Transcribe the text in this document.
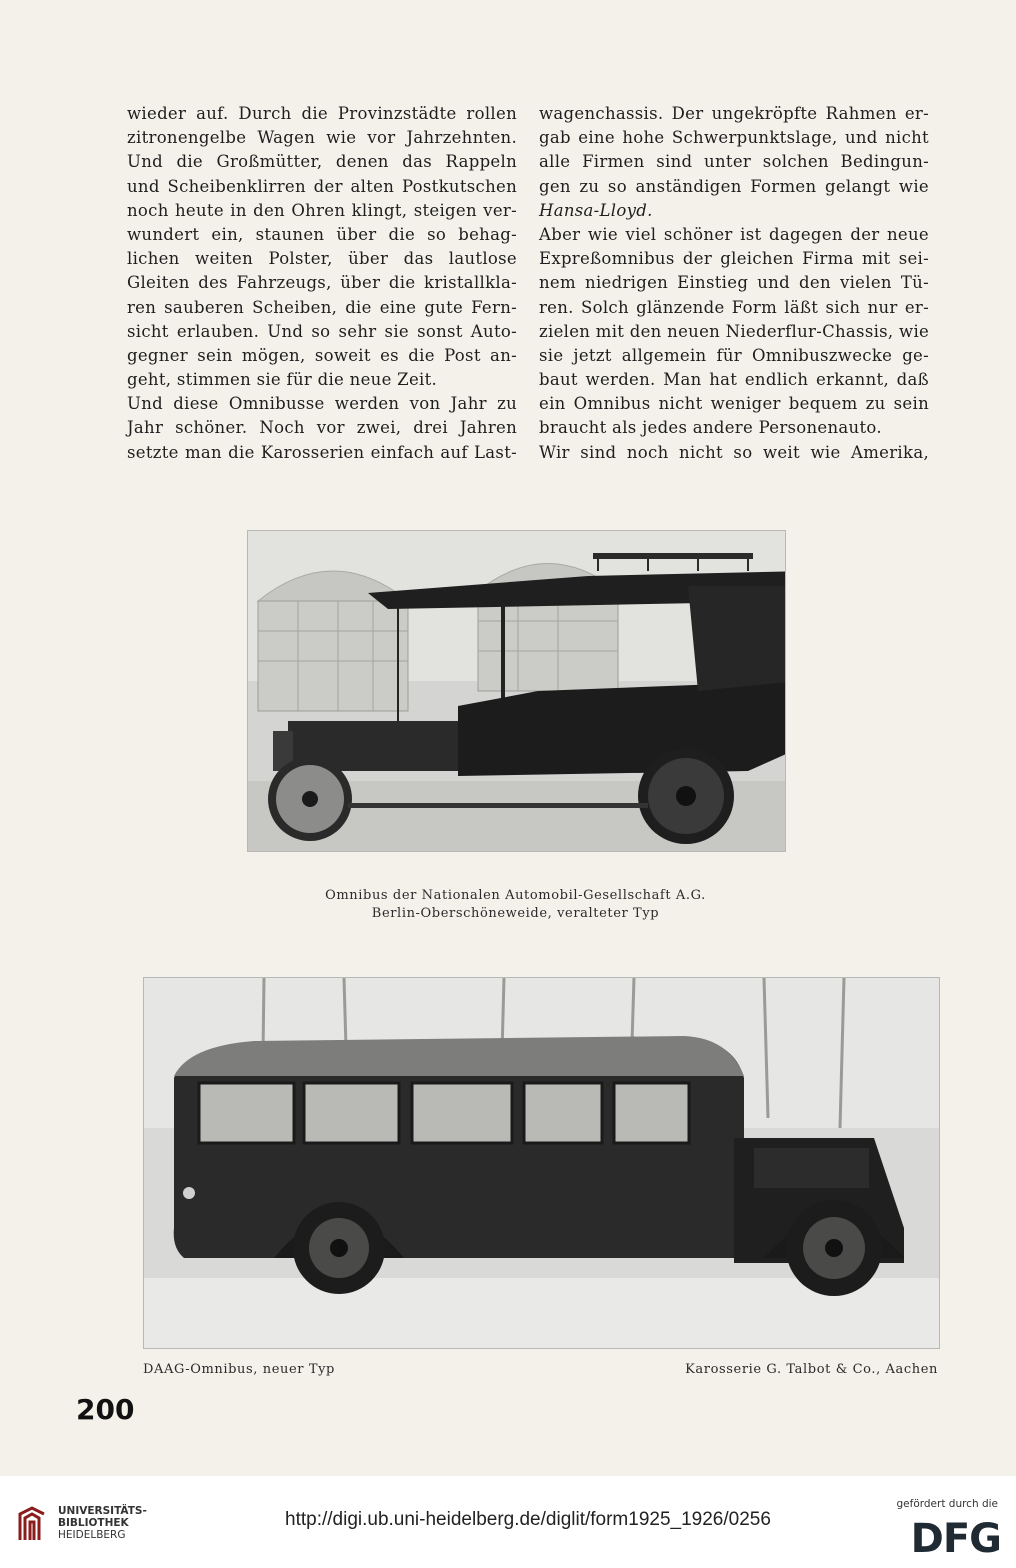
wieder auf. Durch die Provinzstädte rollen
zitronengelbe Wagen wie vor Jahrzehnten.
Und die Großmütter, denen das Rappeln
und Scheibenklirren der alten Postkutschen
noch heute in den Ohren klingt, steigen ver-
wundert ein, staunen über die so behag-
lichen weiten Polster, über das lautlose
Gleiten des Fahrzeugs, über die kristallkla-
ren sauberen Scheiben, die eine gute Fern-
sicht erlauben. Und so sehr sie sonst Auto-
gegner sein mögen, soweit es die Post an-
geht, stimmen sie für die neue Zeit.
Und diese Omnibusse werden von Jahr zu
Jahr schöner. Noch vor zwei, drei Jahren
setzte man die Karosserien einfach auf Last-
wagenchassis. Der ungekröpfte Rahmen er-
gab eine hohe Schwerpunktslage, und nicht
alle Firmen sind unter solchen Bedingun-
gen zu so anständigen Formen gelangt wie
Hansa-Lloyd.
Aber wie viel schöner ist dagegen der neue
Expreßomnibus der gleichen Firma mit sei-
nem niedrigen Einstieg und den vielen Tü-
ren. Solch glänzende Form läßt sich nur er-
zielen mit den neuen Niederflur-Chassis, wie
sie jetzt allgemein für Omnibuszwecke ge-
baut werden. Man hat endlich erkannt, daß
ein Omnibus nicht weniger bequem zu sein
braucht als jedes andere Personenauto.
Wir sind noch nicht so weit wie Amerika,
Omnibus der Nationalen Automobil-Gesellschaft A.G.
Berlin-Oberschöneweide, veralteter Typ
DAAG-Omnibus, neuer Typ	Karosserie G. Talbot & Co., Aachen
200
UNIVERSITÄTS-
BIBLIOTHEK
HEIDELBERG
http://digi.ub.uni-heidelberg.de/diglit/form1925_1926/0256
gefördert durch die
DFG
